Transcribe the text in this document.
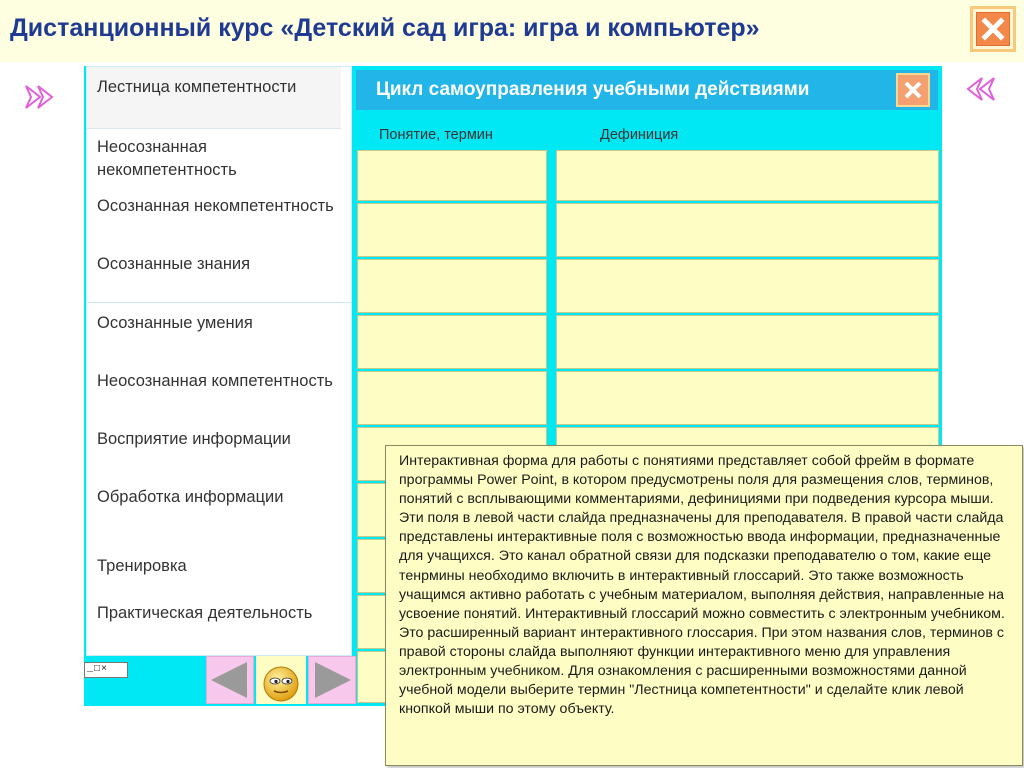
Дистанционный курс «Детский сад игра: игра и компьютер»
Лестница компетентности
Неосознанная некомпетентность
Осознанная некомпетентность
Осознанные знания
Осознанные умения
Неосознанная компетентность
Восприятие информации
Обработка информации
Тренировка
Практическая деятельность
Цикл самоуправления учебными действиями
Понятие, термин	Дефиниция
_□×
Интерактивная форма для работы с понятиями представляет собой фрейм в формате программы Power Point, в котором предусмотрены поля для размещения слов, терминов, понятий с всплывающими комментариями, дефинициями при подведения курсора мыши. Эти поля в левой части слайда предназначены для преподавателя. В правой части слайда представлены интерактивные поля с возможностью ввода информации, предназначенные для учащихся. Это канал обратной связи для подсказки преподавателю о том, какие еще тенрмины необходимо включить в интерактивный глоссарий. Это также возможность учащимся активно работать с учебным материалом, выполняя действия, направленные на усвоение понятий. Интерактивный глоссарий можно совместить с электронным учебником. Это расширенный вариант интерактивного глоссария. При этом названия слов, терминов с правой стороны слайда выполняют функции интерактивного меню для управления электронным учебником. Для ознакомления с расширенными возможностями данной учебной модели выберите термин "Лестница компетентности" и сделайте клик левой кнопкой мыши по этому объекту.
